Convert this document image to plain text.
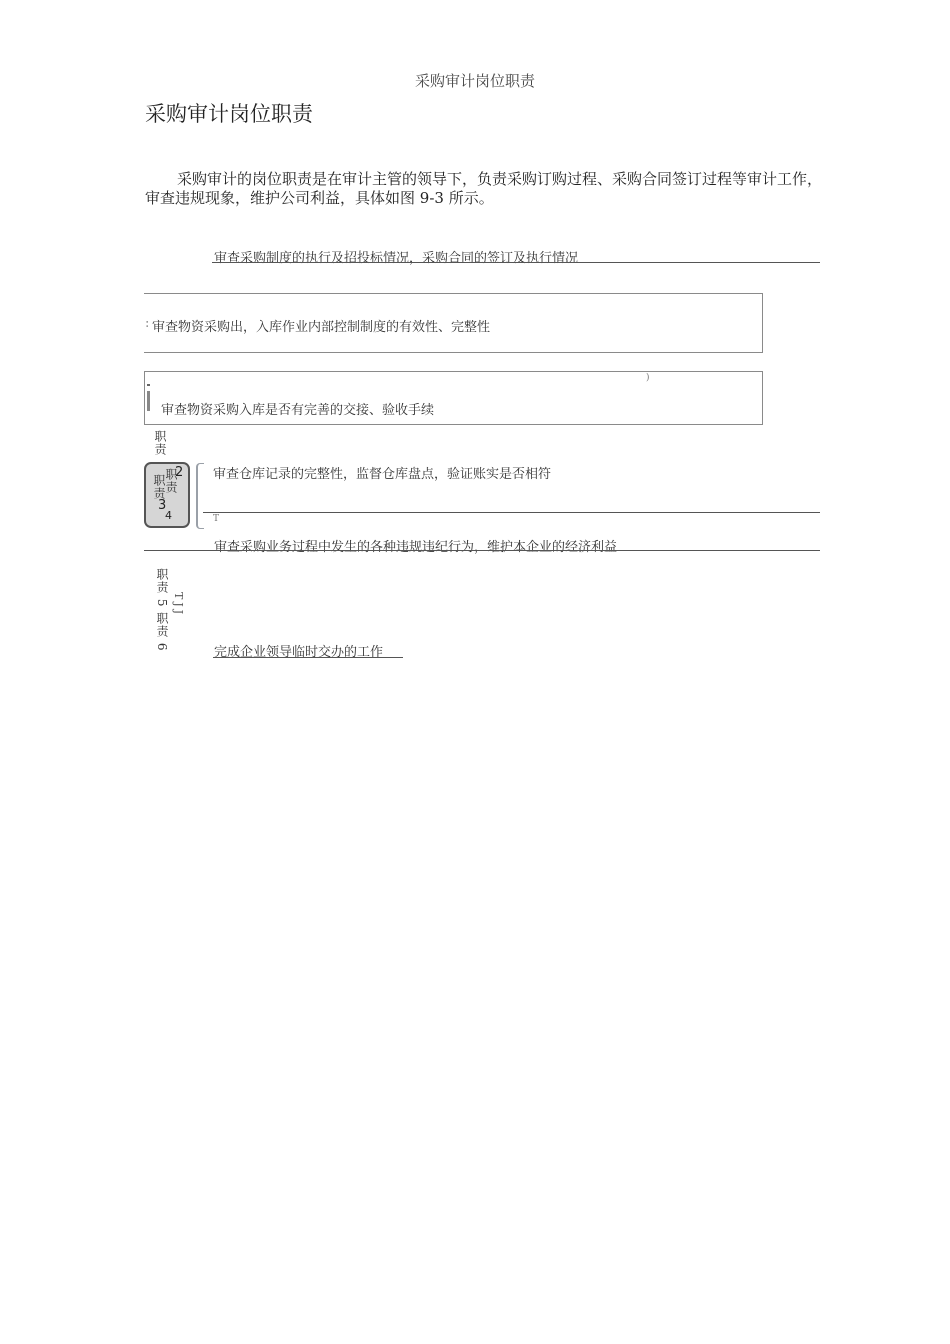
采购审计岗位职责
采购审计岗位职责
采购审计的岗位职责是在审计主管的领导下，负责采购订购过程、采购合同签订过程等审计工作，审查违规现象，维护公司利益，具体如图 9-3 所示。
审查采购制度的执行及招投标情况，采购合同的签订及执行情况
: 审查物资采购出，入库作业内部控制制度的有效性、完整性
)
审查物资采购入库是否有完善的交接、验收手续
职责
职责
职责
3
2
4
审查仓库记录的完整性，监督仓库盘点，验证账实是否相符
T
审查采购业务过程中发生的各种违规违纪行为，维护本企业的经济利益
职责 5
职责 6
TJJ
完成企业领导临时交办的工作
